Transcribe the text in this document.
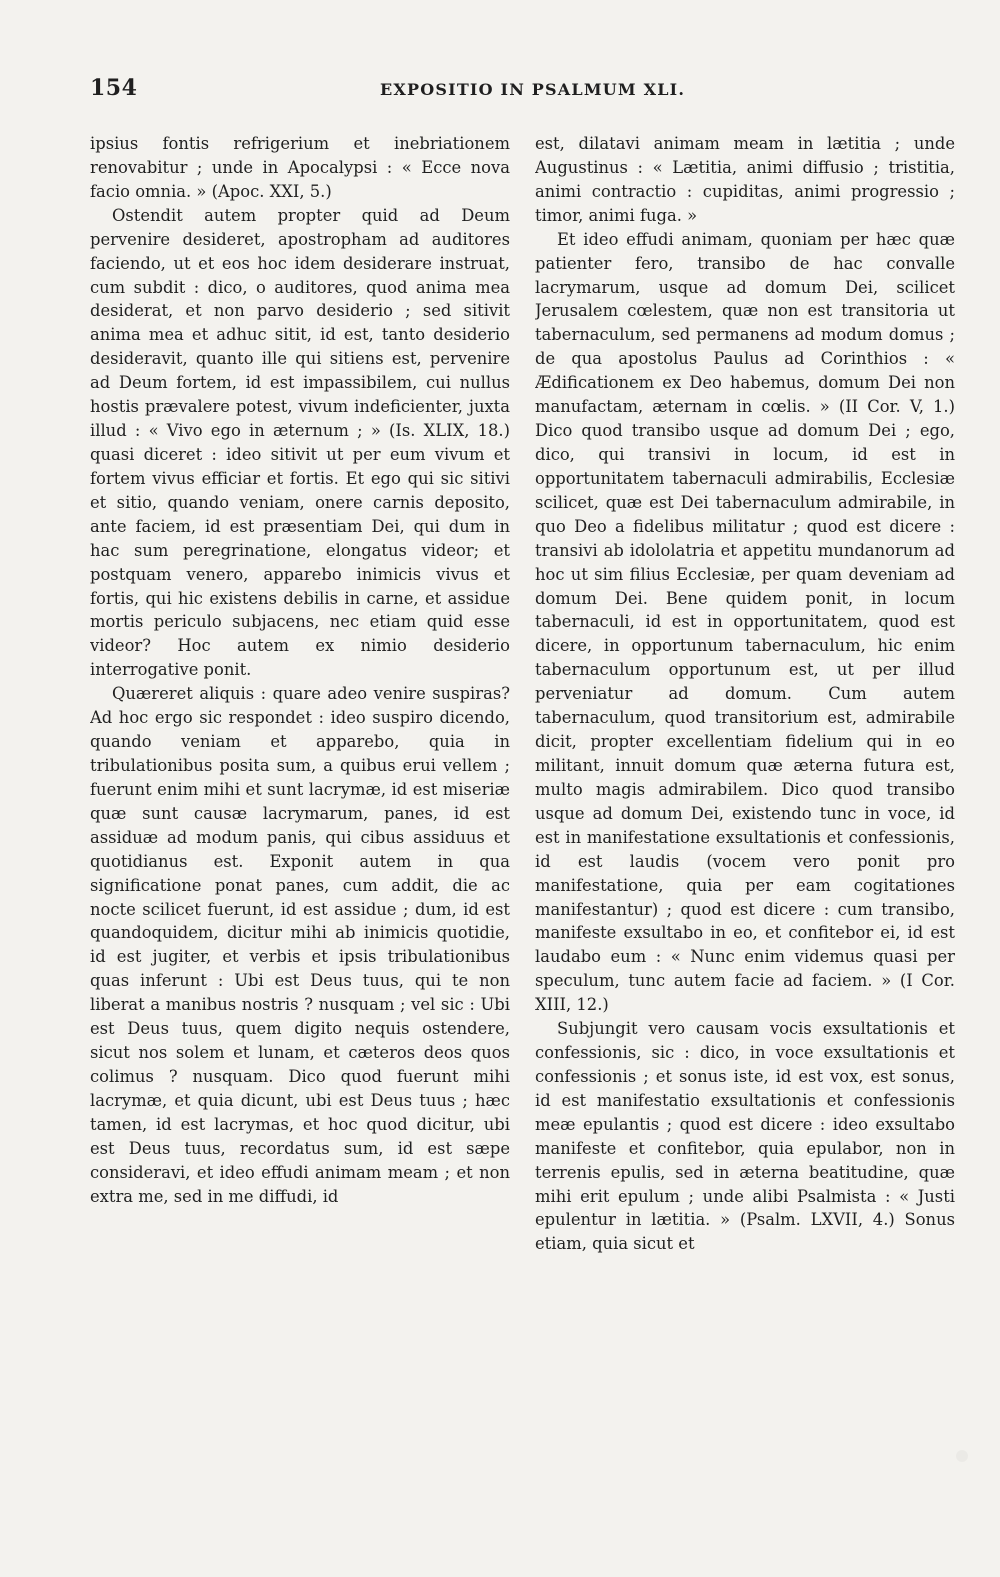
154	EXPOSITIO IN PSALMUM XLI.

ipsius fontis refrigerium et inebriationem renovabitur ; unde in Apocalypsi : « Ecce nova facio omnia. » (Apoc. XXI, 5.)

Ostendit autem propter quid ad Deum pervenire desideret, apostropham ad auditores faciendo, ut et eos hoc idem desiderare instruat, cum subdit : dico, o auditores, quod anima mea desiderat, et non parvo desiderio ; sed sitivit anima mea et adhuc sitit, id est, tanto desiderio desideravit, quanto ille qui sitiens est, pervenire ad Deum fortem, id est impassibilem, cui nullus hostis prævalere potest, vivum indeficienter, juxta illud : « Vivo ego in æternum ; » (Is. XLIX, 18.) quasi diceret : ideo sitivit ut per eum vivum et fortem vivus efficiar et fortis. Et ego qui sic sitivi et sitio, quando veniam, onere carnis deposito, ante faciem, id est præsentiam Dei, qui dum in hac sum peregrinatione, elongatus videor; et postquam venero, apparebo inimicis vivus et fortis, qui hic existens debilis in carne, et assidue mortis periculo subjacens, nec etiam quid esse videor? Hoc autem ex nimio desiderio interrogative ponit.

Quæreret aliquis : quare adeo venire suspiras? Ad hoc ergo sic respondet : ideo suspiro dicendo, quando veniam et apparebo, quia in tribulationibus posita sum, a quibus erui vellem ; fuerunt enim mihi et sunt lacrymæ, id est miseriæ quæ sunt causæ lacrymarum, panes, id est assiduæ ad modum panis, qui cibus assiduus et quotidianus est. Exponit autem in qua significatione ponat panes, cum addit, die ac nocte scilicet fuerunt, id est assidue ; dum, id est quandoquidem, dicitur mihi ab inimicis quotidie, id est jugiter, et verbis et ipsis tribulationibus quas inferunt : Ubi est Deus tuus, qui te non liberat a manibus nostris ? nusquam ; vel sic : Ubi est Deus tuus, quem digito nequis ostendere, sicut nos solem et lunam, et cæteros deos quos colimus ? nusquam. Dico quod fuerunt mihi lacrymæ, et quia dicunt, ubi est Deus tuus ; hæc tamen, id est lacrymas, et hoc quod dicitur, ubi est Deus tuus, recordatus sum, id est sæpe consideravi, et ideo effudi animam meam ; et non extra me, sed in me diffudi, id

est, dilatavi animam meam in lætitia ; unde Augustinus : « Lætitia, animi diffusio ; tristitia, animi contractio : cupiditas, animi progressio ; timor, animi fuga. »

Et ideo effudi animam, quoniam per hæc quæ patienter fero, transibo de hac convalle lacrymarum, usque ad domum Dei, scilicet Jerusalem cœlestem, quæ non est transitoria ut tabernaculum, sed permanens ad modum domus ; de qua apostolus Paulus ad Corinthios : « Ædificationem ex Deo habemus, domum Dei non manufactam, æternam in cœlis. » (II Cor. V, 1.) Dico quod transibo usque ad domum Dei ; ego, dico, qui transivi in locum, id est in opportunitatem tabernaculi admirabilis, Ecclesiæ scilicet, quæ est Dei tabernaculum admirabile, in quo Deo a fidelibus militatur ; quod est dicere : transivi ab idololatria et appetitu mundanorum ad hoc ut sim filius Ecclesiæ, per quam deveniam ad domum Dei. Bene quidem ponit, in locum tabernaculi, id est in opportunitatem, quod est dicere, in opportunum tabernaculum, hic enim tabernaculum opportunum est, ut per illud perveniatur ad domum. Cum autem tabernaculum, quod transitorium est, admirabile dicit, propter excellentiam fidelium qui in eo militant, innuit domum quæ æterna futura est, multo magis admirabilem. Dico quod transibo usque ad domum Dei, existendo tunc in voce, id est in manifestatione exsultationis et confessionis, id est laudis (vocem vero ponit pro manifestatione, quia per eam cogitationes manifestantur) ; quod est dicere : cum transibo, manifeste exsultabo in eo, et confitebor ei, id est laudabo eum : « Nunc enim videmus quasi per speculum, tunc autem facie ad faciem. » (I Cor. XIII, 12.)

Subjungit vero causam vocis exsultationis et confessionis, sic : dico, in voce exsultationis et confessionis ; et sonus iste, id est vox, est sonus, id est manifestatio exsultationis et confessionis meæ epulantis ; quod est dicere : ideo exsultabo manifeste et confitebor, quia epulabor, non in terrenis epulis, sed in æterna beatitudine, quæ mihi erit epulum ; unde alibi Psalmista : « Justi epulentur in lætitia. » (Psalm. LXVII, 4.) Sonus etiam, quia sicut et
